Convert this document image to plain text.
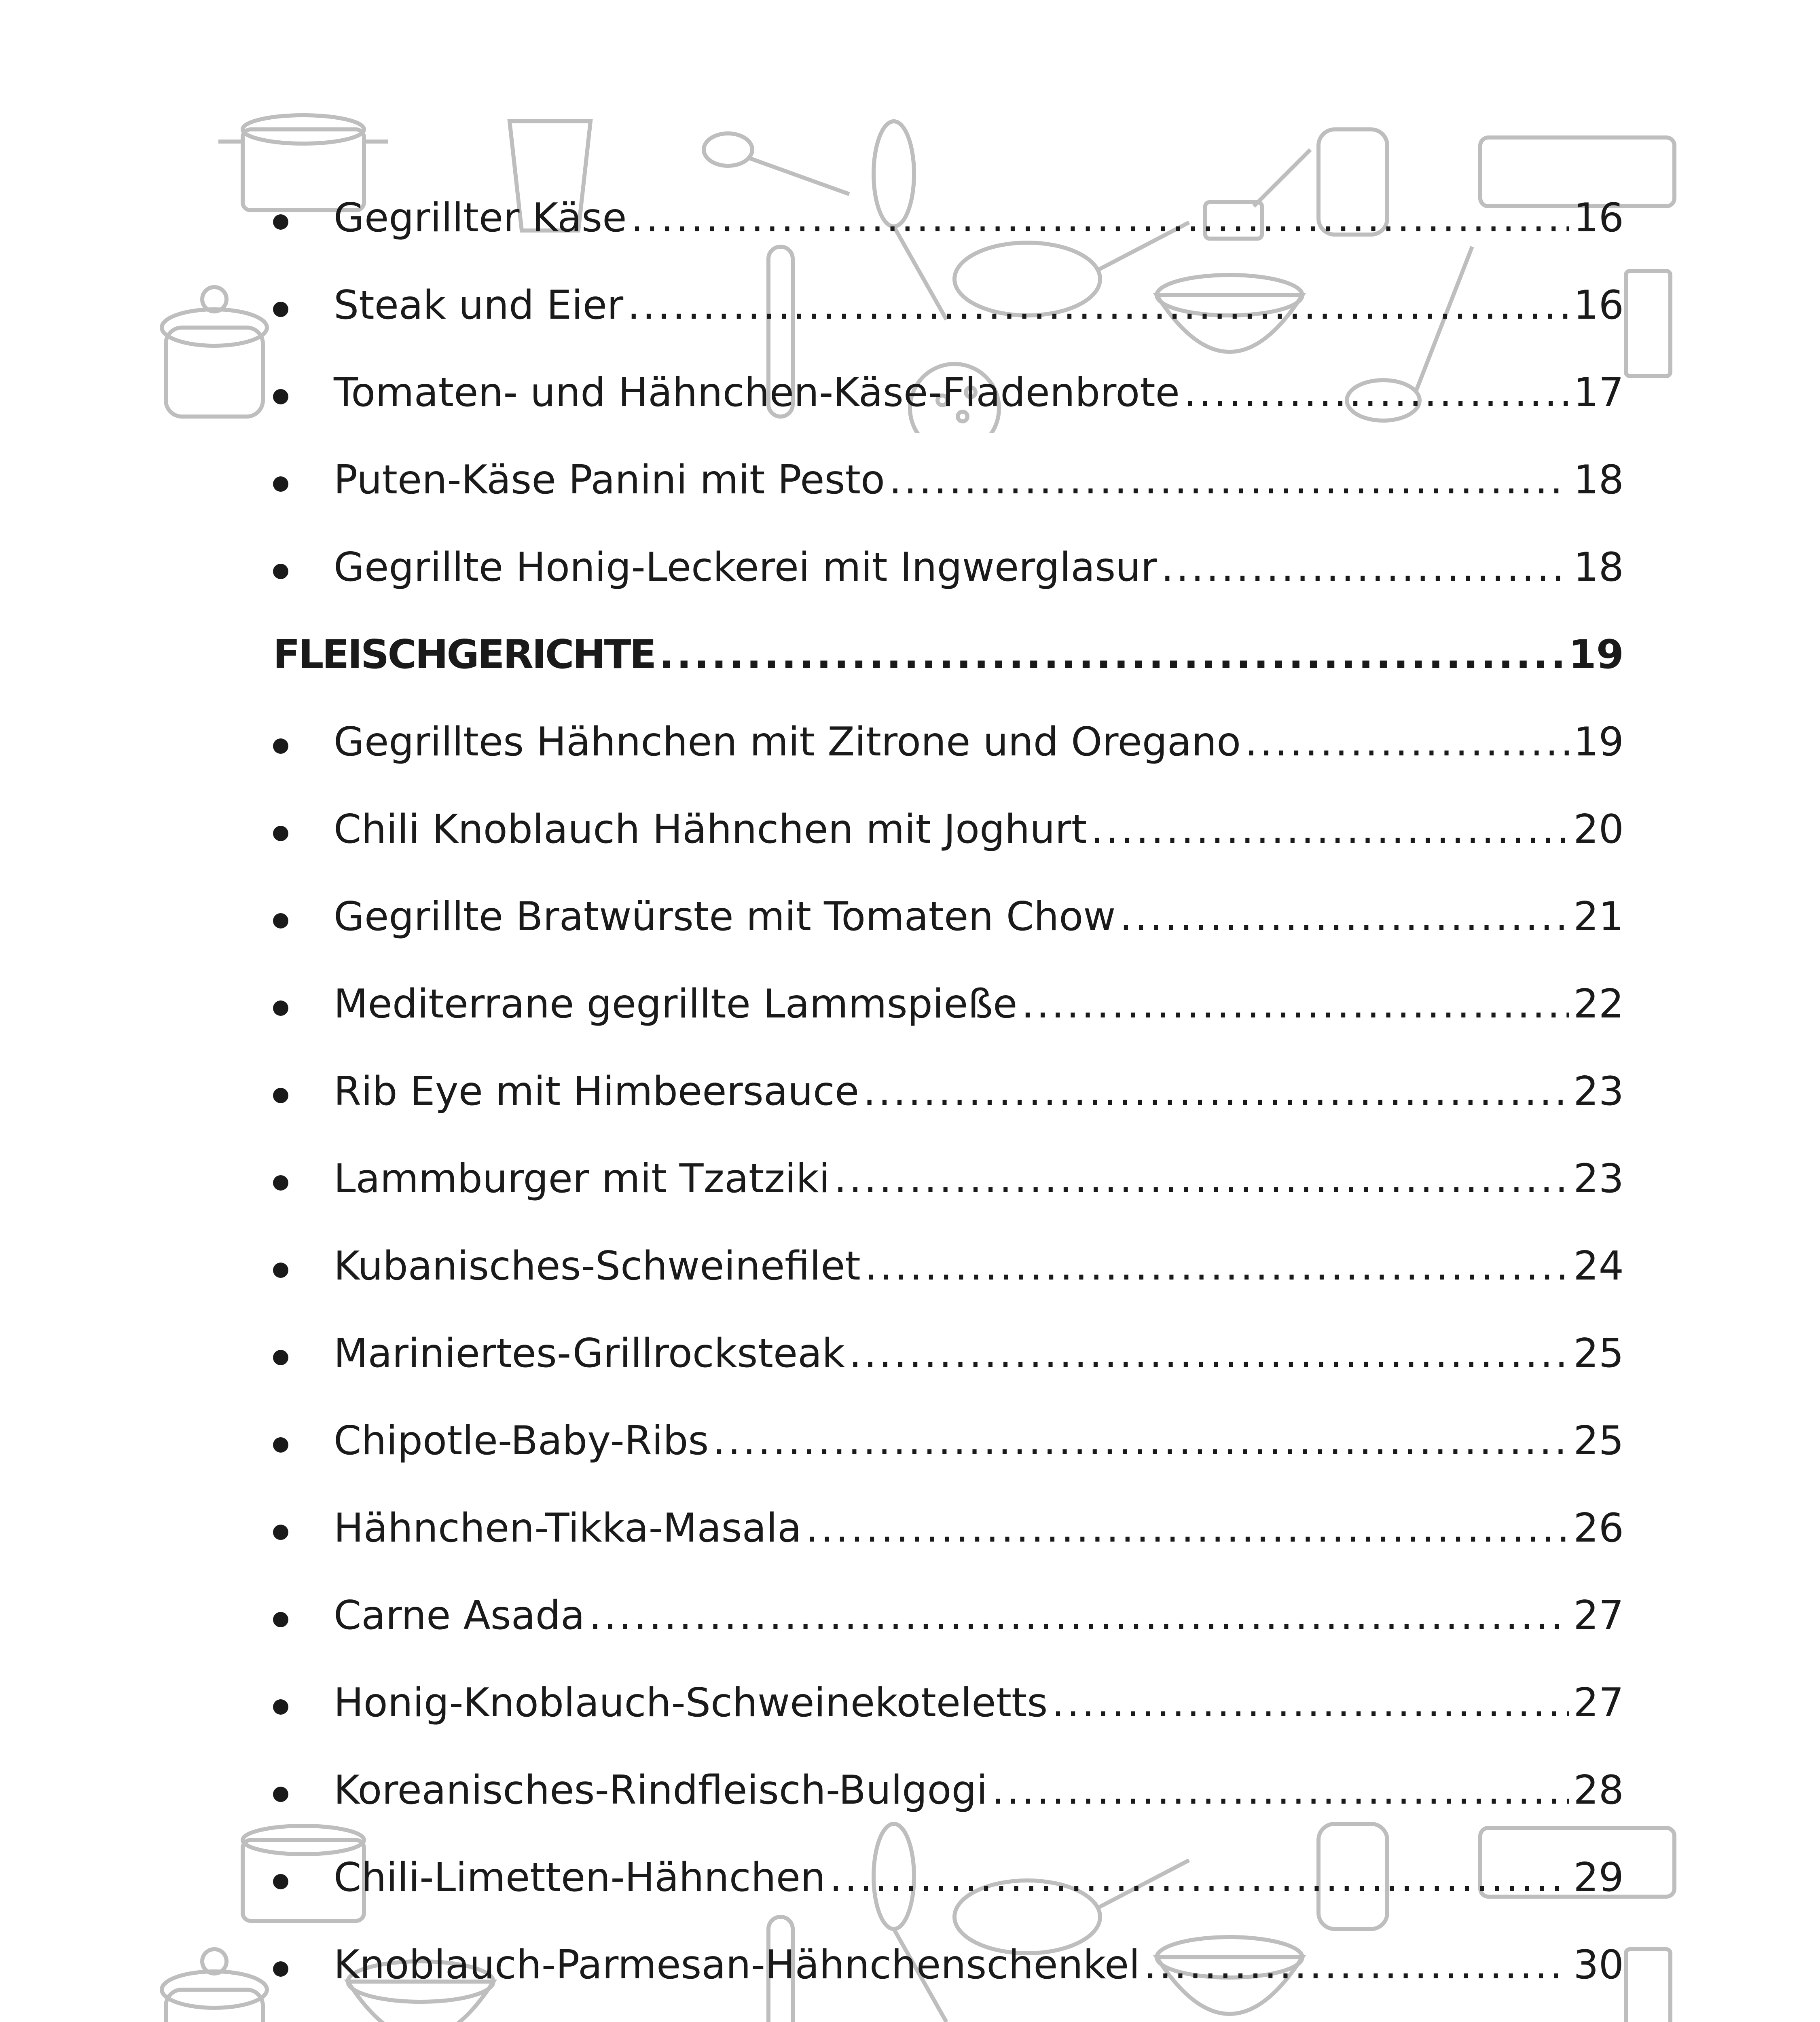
Gegrillter Käse .....	16
Steak und Eier .....	16
Tomaten- und Hähnchen-Käse-Fladenbrote .....	17
Puten-Käse Panini mit Pesto .....	18
Gegrillte Honig-Leckerei mit Ingwerglasur .....	18
FLEISCHGERICHTE .....	19
Gegrilltes Hähnchen mit Zitrone und Oregano .....	19
Chili Knoblauch Hähnchen mit Joghurt .....	20
Gegrillte Bratwürste mit Tomaten Chow .....	21
Mediterrane gegrillte Lammspieße .....	22
Rib Eye mit Himbeersauce .....	23
Lammburger mit Tzatziki .....	23
Kubanisches-Schweinefilet .....	24
Mariniertes-Grillrocksteak .....	25
Chipotle-Baby-Ribs .....	25
Hähnchen-Tikka-Masala .....	26
Carne Asada .....	27
Honig-Knoblauch-Schweinekoteletts .....	27
Koreanisches-Rindfleisch-Bulgogi .....	28
Chili-Limetten-Hähnchen .....	29
Knoblauch-Parmesan-Hähnchenschenkel .....	30
